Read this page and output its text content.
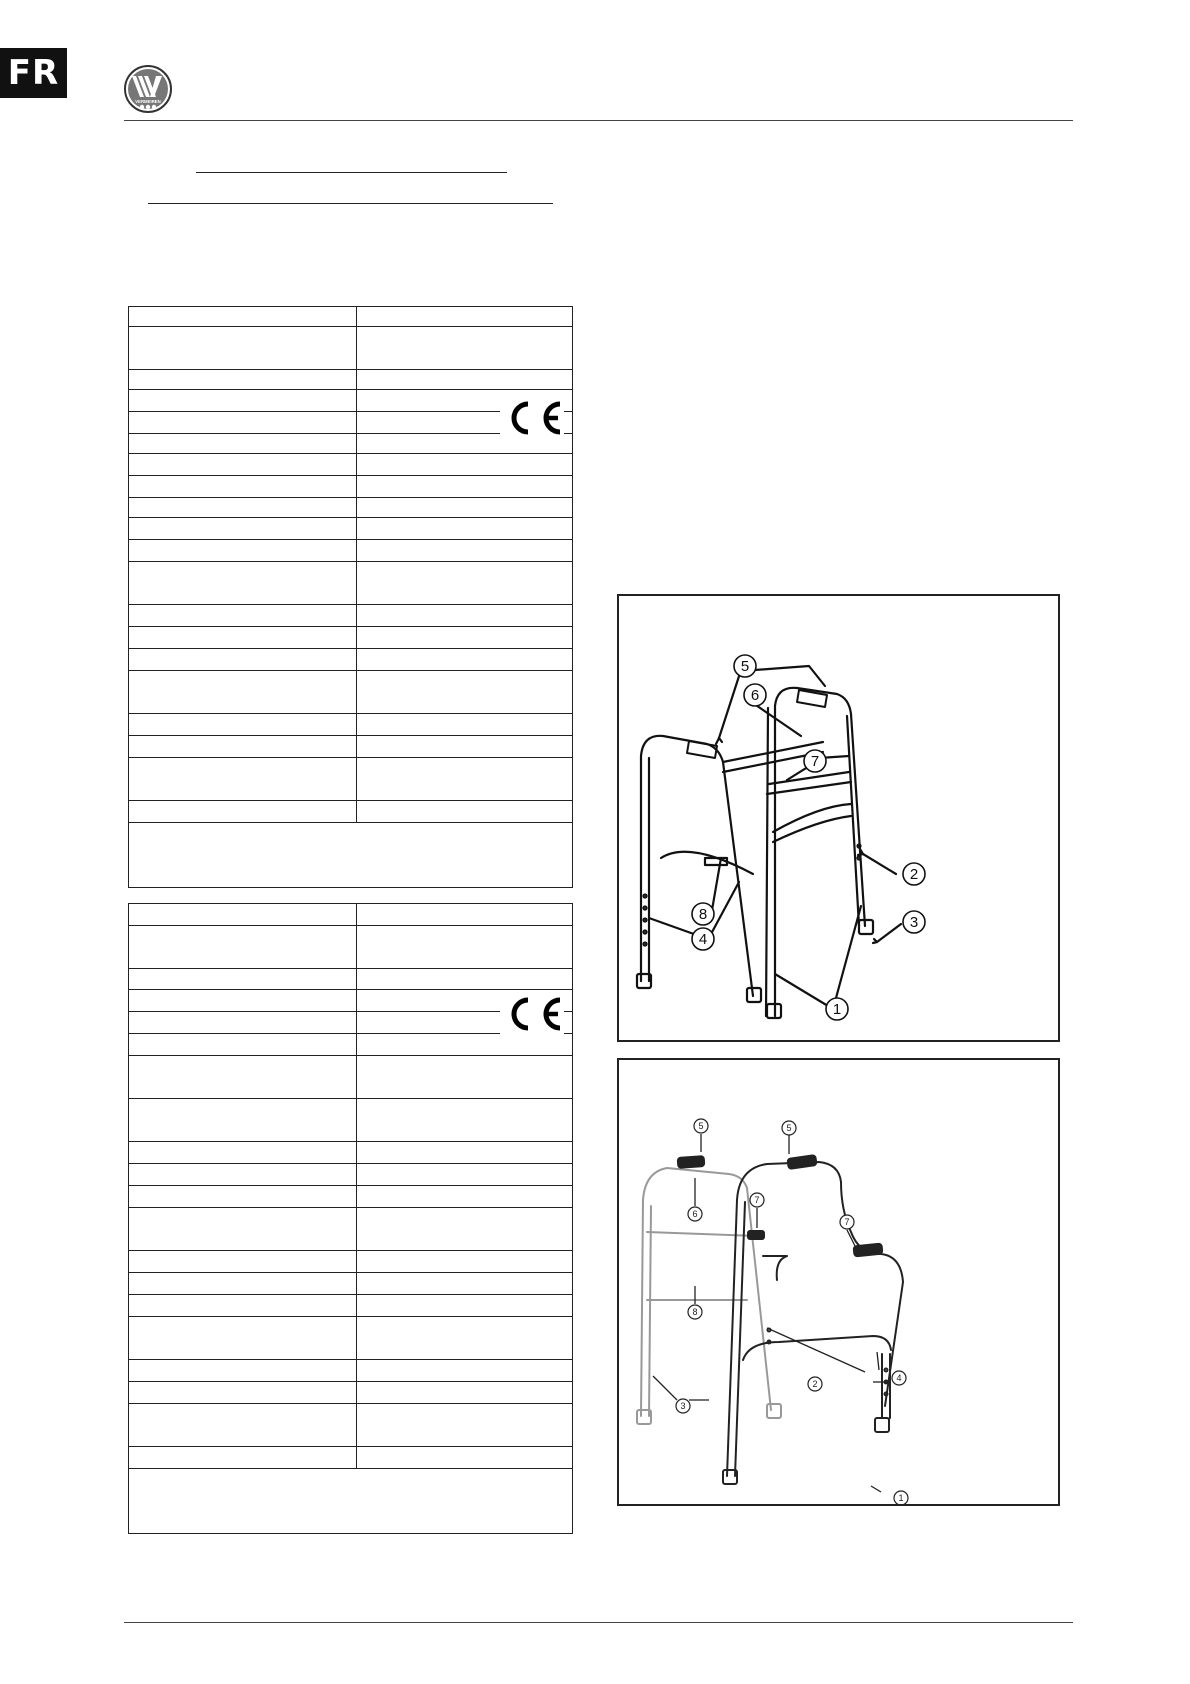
FR
VERMEIREN
1
2
3
4
5
6
7
8
1
2
3
4
5	5
6
7
7
8
